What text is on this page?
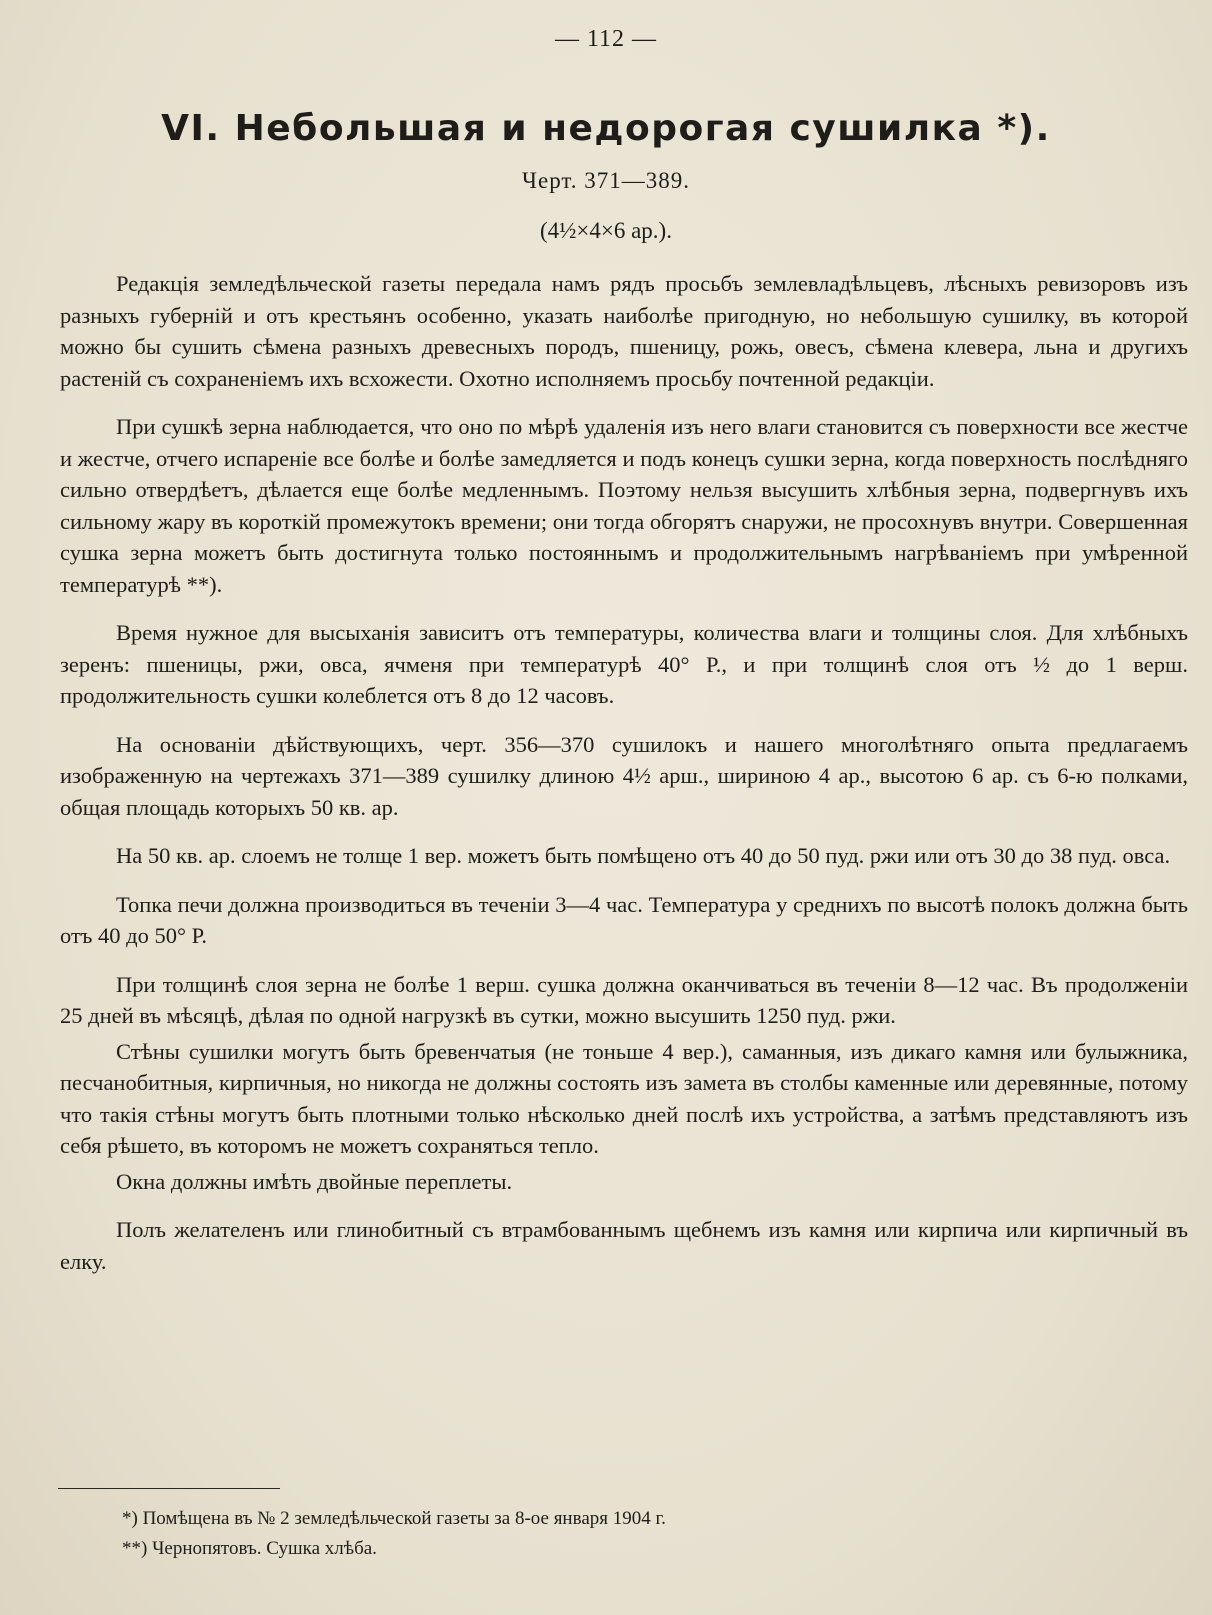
— 112 —
VI. Небольшая и недорогая сушилка *).
Черт. 371—389.
(4½×4×6 ар.).

Редакція земледѣльческой газеты передала намъ рядъ просьбъ землевладѣльцевъ, лѣсныхъ ревизоровъ изъ разныхъ губерній и отъ крестьянъ особенно, указать наиболѣе пригодную, но небольшую сушилку, въ которой можно бы сушить сѣмена разныхъ древесныхъ породъ, пшеницу, рожь, овесъ, сѣмена клевера, льна и другихъ растеній съ сохраненіемъ ихъ всхожести. Охотно исполняемъ просьбу почтенной редакціи.

При сушкѣ зерна наблюдается, что оно по мѣрѣ удаленія изъ него влаги становится съ поверхности все жестче и жестче, отчего испареніе все болѣе и болѣе замедляется и подъ конецъ сушки зерна, когда поверхность послѣдняго сильно отвердѣетъ, дѣлается еще болѣе медленнымъ. Поэтому нельзя высушить хлѣбныя зерна, подвергнувъ ихъ сильному жару въ короткій промежутокъ времени; они тогда обгорятъ снаружи, не просохнувъ внутри. Совершенная сушка зерна можетъ быть достигнута только постояннымъ и продолжительнымъ нагрѣваніемъ при умѣренной температурѣ **).

Время нужное для высыханія зависитъ отъ температуры, количества влаги и толщины слоя. Для хлѣбныхъ зеренъ: пшеницы, ржи, овса, ячменя при температурѣ 40° Р., и при толщинѣ слоя отъ ½ до 1 верш. продолжительность сушки колеблется отъ 8 до 12 часовъ.

На основаніи дѣйствующихъ, черт. 356—370 сушилокъ и нашего многолѣтняго опыта предлагаемъ изображенную на чертежахъ 371—389 сушилку длиною 4½ арш., шириною 4 ар., высотою 6 ар. съ 6-ю полками, общая площадь которыхъ 50 кв. ар.

На 50 кв. ар. слоемъ не толще 1 вер. можетъ быть помѣщено отъ 40 до 50 пуд. ржи или отъ 30 до 38 пуд. овса.

Топка печи должна производиться въ теченіи 3—4 час. Температура у среднихъ по высотѣ полокъ должна быть отъ 40 до 50° Р.

При толщинѣ слоя зерна не болѣе 1 верш. сушка должна оканчиваться въ теченіи 8—12 час. Въ продолженіи 25 дней въ мѣсяцѣ, дѣлая по одной нагрузкѣ въ сутки, можно высушить 1250 пуд. ржи.

Стѣны сушилки могутъ быть бревенчатыя (не тоньше 4 вер.), саманныя, изъ дикаго камня или булыжника, песчанобитныя, кирпичныя, но никогда не должны состоять изъ замета въ столбы каменные или деревянные, потому что такія стѣны могутъ быть плотными только нѣсколько дней послѣ ихъ устройства, а затѣмъ представляютъ изъ себя рѣшето, въ которомъ не можетъ сохраняться тепло.

Окна должны имѣть двойные переплеты.

Полъ желателенъ или глинобитный съ втрамбованнымъ щебнемъ изъ камня или кирпича или кирпичный въ елку.

*) Помѣщена въ № 2 земледѣльческой газеты за 8-ое января 1904 г.

**) Чернопятовъ. Сушка хлѣба.
